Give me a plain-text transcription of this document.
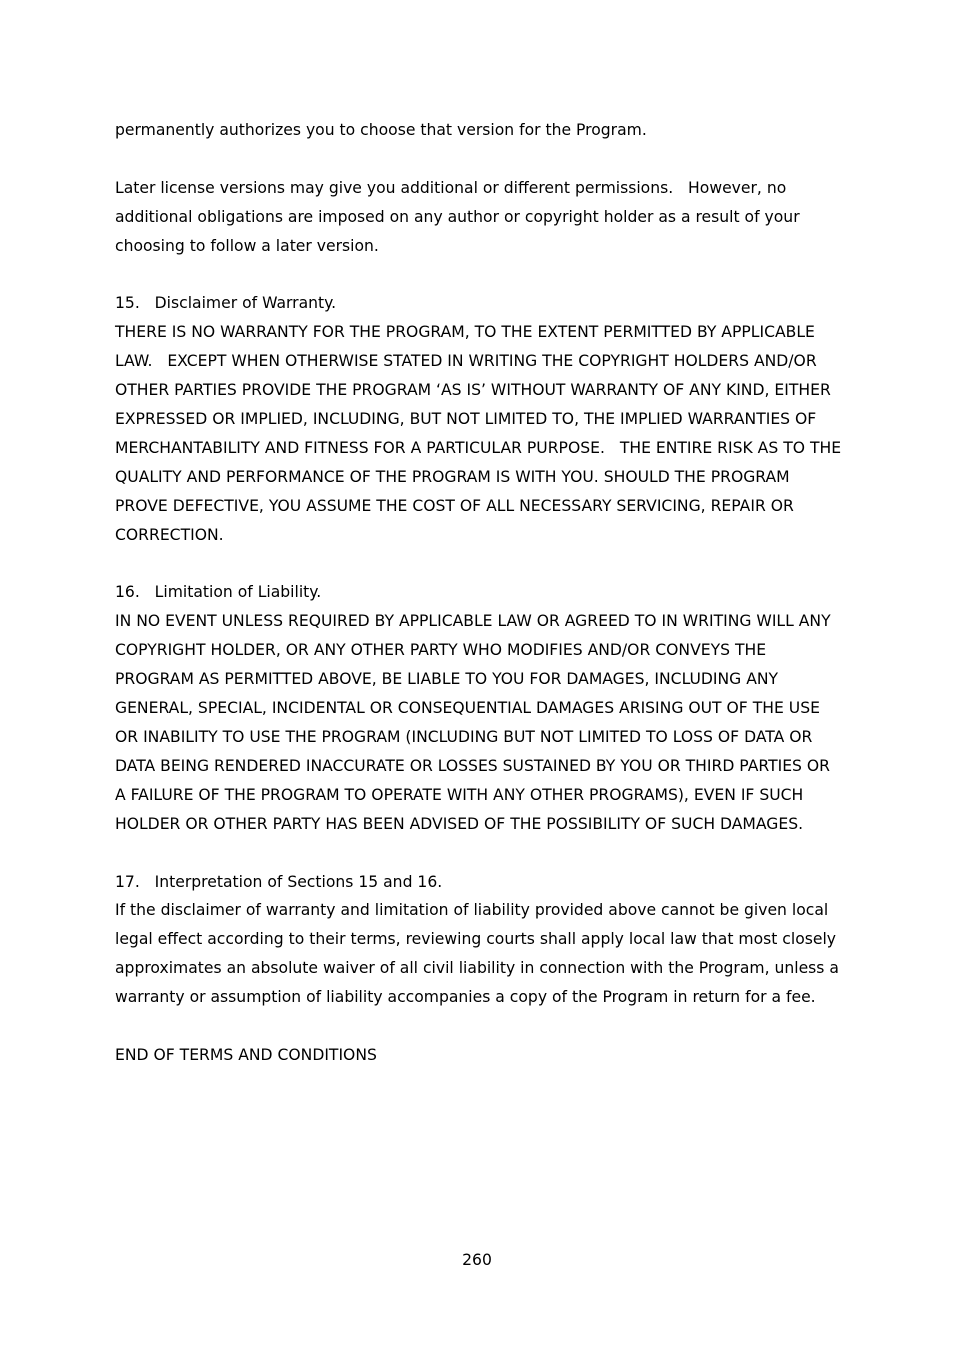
permanently authorizes you to choose that version for the Program.

Later license versions may give you additional or different permissions.   However, no additional obligations are imposed on any author or copyright holder as a result of your choosing to follow a later version.

15.   Disclaimer of Warranty.

THERE IS NO WARRANTY FOR THE PROGRAM, TO THE EXTENT PERMITTED BY APPLICABLE LAW.   EXCEPT WHEN OTHERWISE STATED IN WRITING THE COPYRIGHT HOLDERS AND/OR OTHER PARTIES PROVIDE THE PROGRAM ‘AS IS’ WITHOUT WARRANTY OF ANY KIND, EITHER EXPRESSED OR IMPLIED, INCLUDING, BUT NOT LIMITED TO, THE IMPLIED WARRANTIES OF MERCHANTABILITY AND FITNESS FOR A PARTICULAR PURPOSE.   THE ENTIRE RISK AS TO THE QUALITY AND PERFORMANCE OF THE PROGRAM IS WITH YOU. SHOULD THE PROGRAM PROVE DEFECTIVE, YOU ASSUME THE COST OF ALL NECESSARY SERVICING, REPAIR OR CORRECTION.

16.   Limitation of Liability.

IN NO EVENT UNLESS REQUIRED BY APPLICABLE LAW OR AGREED TO IN WRITING WILL ANY COPYRIGHT HOLDER, OR ANY OTHER PARTY WHO MODIFIES AND/OR CONVEYS THE PROGRAM AS PERMITTED ABOVE, BE LIABLE TO YOU FOR DAMAGES, INCLUDING ANY GENERAL, SPECIAL, INCIDENTAL OR CONSEQUENTIAL DAMAGES ARISING OUT OF THE USE OR INABILITY TO USE THE PROGRAM (INCLUDING BUT NOT LIMITED TO LOSS OF DATA OR DATA BEING RENDERED INACCURATE OR LOSSES SUSTAINED BY YOU OR THIRD PARTIES OR A FAILURE OF THE PROGRAM TO OPERATE WITH ANY OTHER PROGRAMS), EVEN IF SUCH HOLDER OR OTHER PARTY HAS BEEN ADVISED OF THE POSSIBILITY OF SUCH DAMAGES.

17.   Interpretation of Sections 15 and 16.

If the disclaimer of warranty and limitation of liability provided above cannot be given local legal effect according to their terms, reviewing courts shall apply local law that most closely approximates an absolute waiver of all civil liability in connection with the Program, unless a warranty or assumption of liability accompanies a copy of the Program in return for a fee.

END OF TERMS AND CONDITIONS

260
